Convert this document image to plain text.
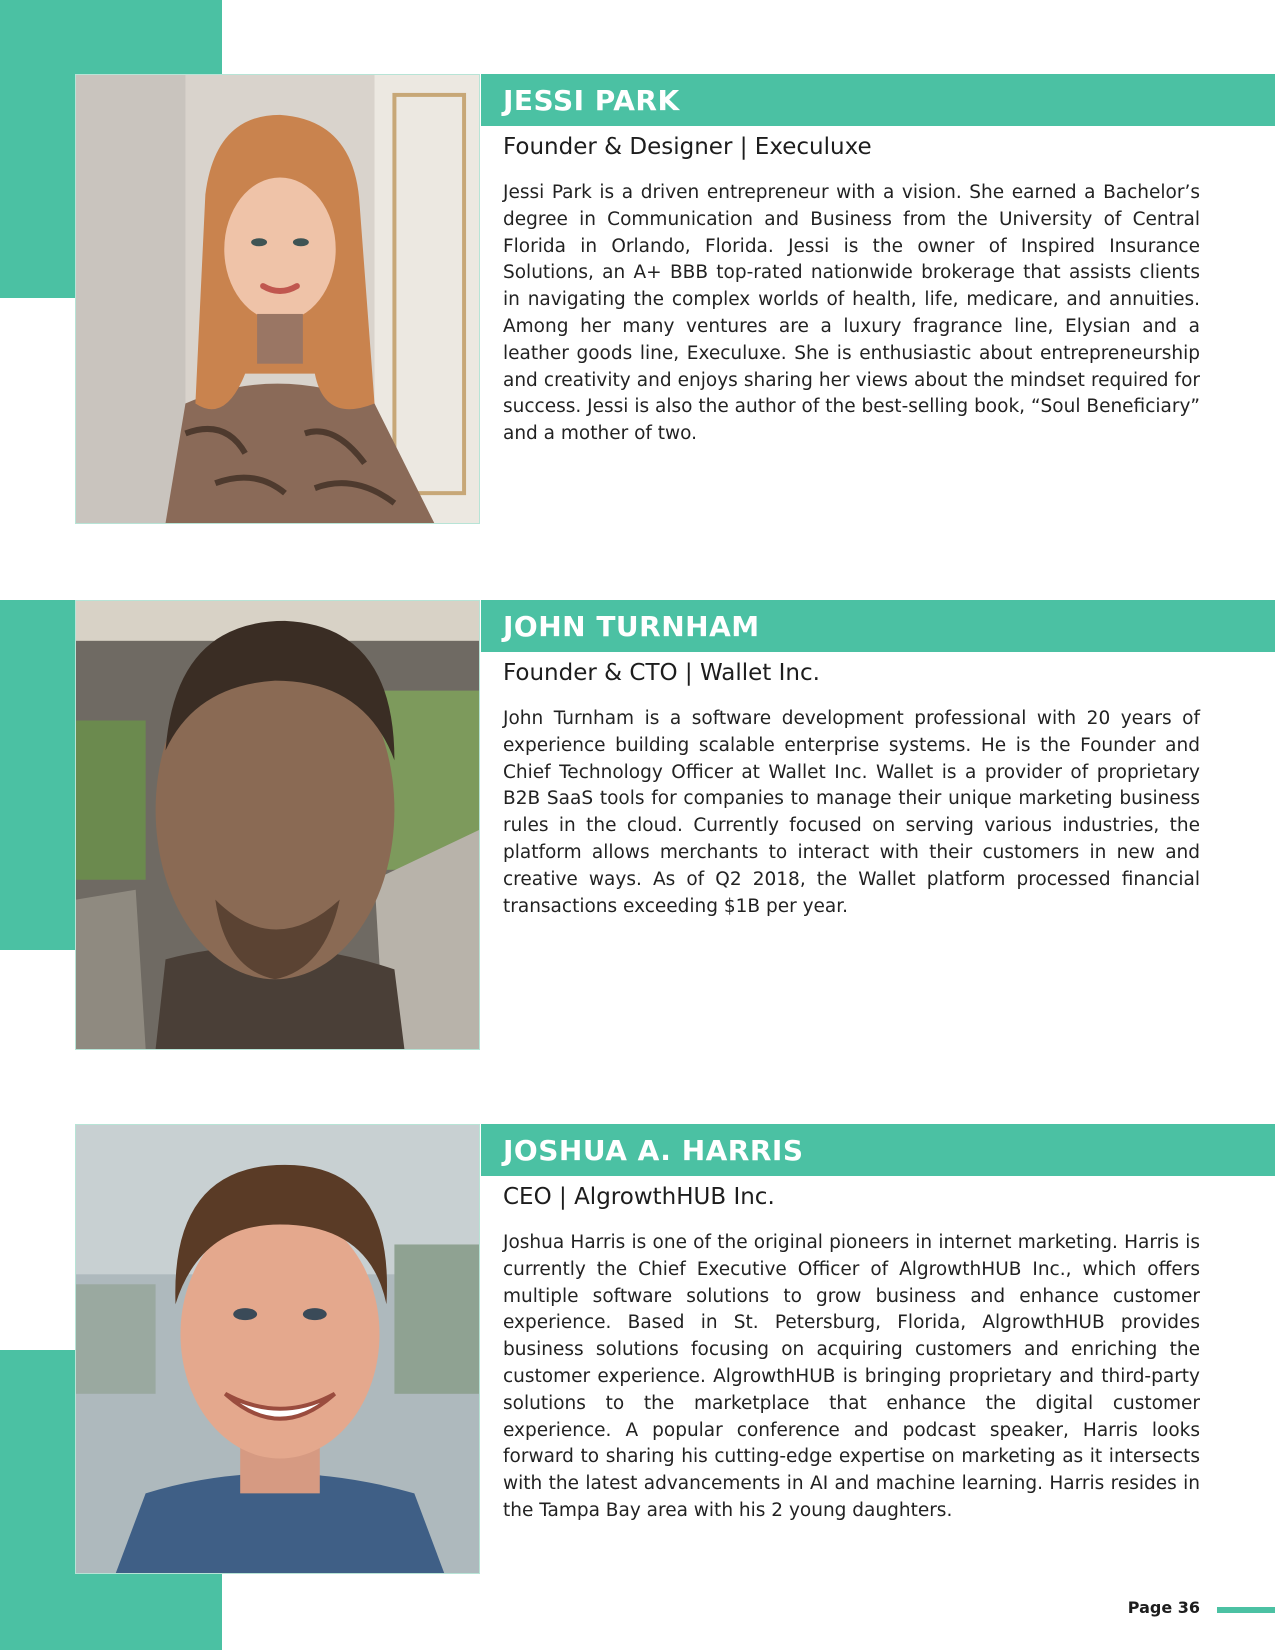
JESSI PARK
Founder & Designer | Execuluxe

Jessi Park is a driven entrepreneur with a vision. She earned a Bachelor’s degree in Communication and Business from the University of Central Florida in Orlando, Florida. Jessi is the owner of Inspired Insurance Solutions, an A+ BBB top-rated nationwide brokerage that assists clients in navigating the complex worlds of health, life, medicare, and annuities. Among her many ventures are a luxury fragrance line, Elysian and a leather goods line, Execuluxe. She is enthusiastic about entrepreneurship and creativity and enjoys sharing her views about the mindset required for success. Jessi is also the author of the best-selling book, “Soul Beneficiary” and a mother of two.

JOHN TURNHAM
Founder & CTO | Wallet Inc.

John Turnham is a software development professional with 20 years of experience building scalable enterprise systems. He is the Founder and Chief Technology Officer at Wallet Inc. Wallet is a provider of proprietary B2B SaaS tools for companies to manage their unique marketing business rules in the cloud. Currently focused on serving various industries, the platform allows merchants to interact with their customers in new and creative ways. As of Q2 2018, the Wallet platform processed financial transactions exceeding $1B per year.

JOSHUA A. HARRIS
CEO | AlgrowthHUB Inc.

Joshua Harris is one of the original pioneers in internet marketing. Harris is currently the Chief Executive Officer of AlgrowthHUB Inc., which offers multiple software solutions to grow business and enhance customer experience. Based in St. Petersburg, Florida, AlgrowthHUB provides business solutions focusing on acquiring customers and enriching the customer experience. AlgrowthHUB is bringing proprietary and third-party solutions to the marketplace that enhance the digital customer experience. A popular conference and podcast speaker, Harris looks forward to sharing his cutting-edge expertise on marketing as it intersects with the latest advancements in AI and machine learning. Harris resides in the Tampa Bay area with his 2 young daughters.

Page 36
